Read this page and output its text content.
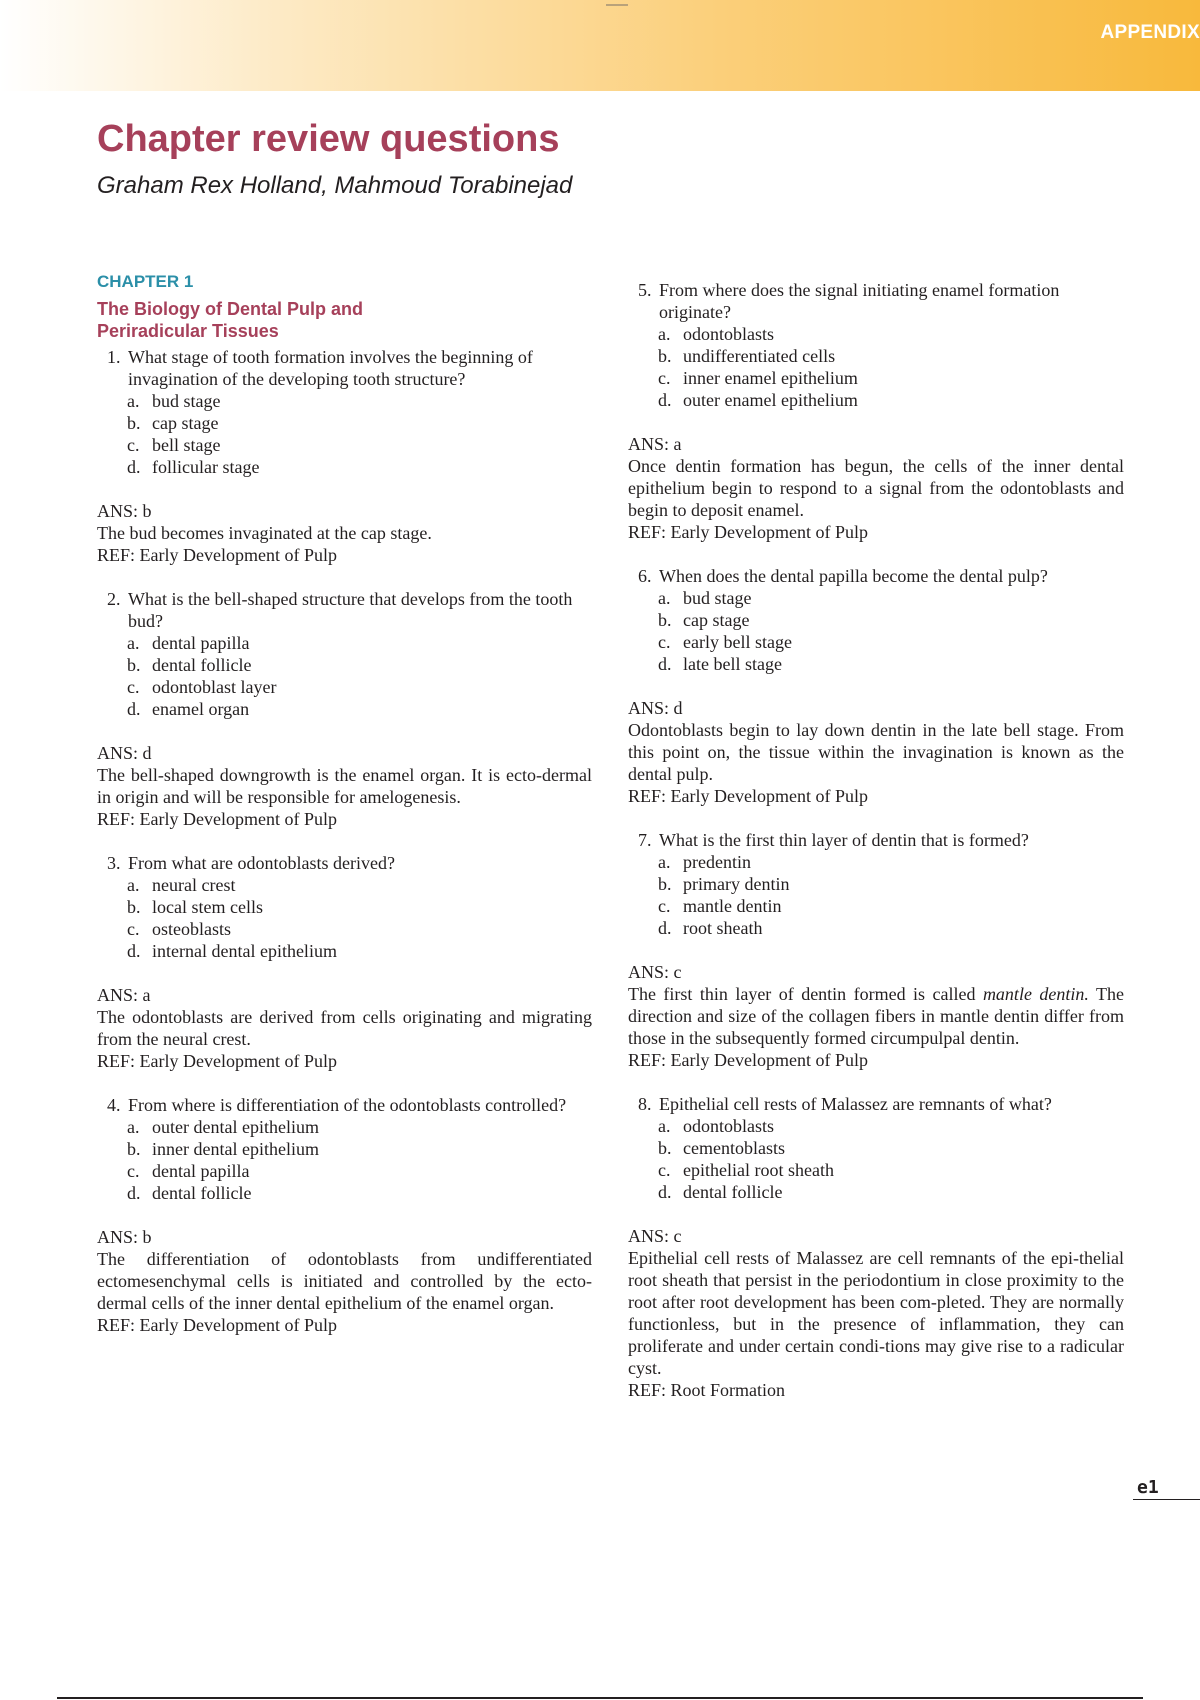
APPENDIX
Chapter review questions
Graham Rex Holland, Mahmoud Torabinejad
CHAPTER 1
The Biology of Dental Pulp and
Periradicular Tissues
1. What stage of tooth formation involves the beginning of invagination of the developing tooth structure?
a. bud stage
b. cap stage
c. bell stage
d. follicular stage
ANS: b
The bud becomes invaginated at the cap stage.
REF: Early Development of Pulp
2. What is the bell-shaped structure that develops from the tooth bud?
a. dental papilla
b. dental follicle
c. odontoblast layer
d. enamel organ
ANS: d
The bell-shaped downgrowth is the enamel organ. It is ecto-dermal in origin and will be responsible for amelogenesis.
REF: Early Development of Pulp
3. From what are odontoblasts derived?
a. neural crest
b. local stem cells
c. osteoblasts
d. internal dental epithelium
ANS: a
The odontoblasts are derived from cells originating and migrating from the neural crest.
REF: Early Development of Pulp
4. From where is differentiation of the odontoblasts controlled?
a. outer dental epithelium
b. inner dental epithelium
c. dental papilla
d. dental follicle
ANS: b
The differentiation of odontoblasts from undifferentiated ectomesenchymal cells is initiated and controlled by the ecto- dermal cells of the inner dental epithelium of the enamel organ.
REF: Early Development of Pulp
5. From where does the signal initiating enamel formation originate?
a. odontoblasts
b. undifferentiated cells
c. inner enamel epithelium
d. outer enamel epithelium
ANS: a
Once dentin formation has begun, the cells of the inner dental epithelium begin to respond to a signal from the odontoblasts and begin to deposit enamel.
REF: Early Development of Pulp
6. When does the dental papilla become the dental pulp?
a. bud stage
b. cap stage
c. early bell stage
d. late bell stage
ANS: d
Odontoblasts begin to lay down dentin in the late bell stage. From this point on, the tissue within the invagination is known as the dental pulp.
REF: Early Development of Pulp
7. What is the first thin layer of dentin that is formed?
a. predentin
b. primary dentin
c. mantle dentin
d. root sheath
ANS: c
The first thin layer of dentin formed is called mantle dentin. The direction and size of the collagen fibers in mantle dentin differ from those in the subsequently formed circumpulpal dentin.
REF: Early Development of Pulp
8. Epithelial cell rests of Malassez are remnants of what?
a. odontoblasts
b. cementoblasts
c. epithelial root sheath
d. dental follicle
ANS: c
Epithelial cell rests of Malassez are cell remnants of the epi-thelial root sheath that persist in the periodontium in close proximity to the root after root development has been com-pleted. They are normally functionless, but in the presence of inflammation, they can proliferate and under certain condi-tions may give rise to a radicular cyst.
REF: Root Formation
e1
